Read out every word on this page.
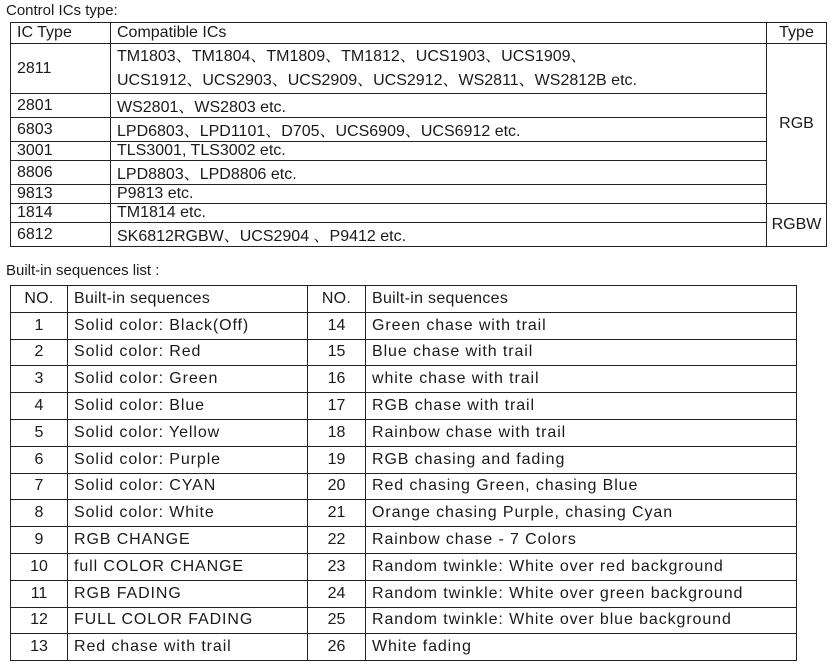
Control ICs type:
IC Type	Compatible ICs	Type
2811	TM1803、TM1804、TM1809、TM1812、UCS1903、UCS1909、
UCS1912、UCS2903、UCS2909、UCS2912、WS2811、WS2812B etc.	RGB
2801	WS2801、WS2803 etc.	
6803	LPD6803、LPD1101、D705、UCS6909、UCS6912 etc.	
3001	TLS3001, TLS3002 etc.	
8806	LPD8803、LPD8806 etc.	
9813	P9813 etc.	
1814	TM1814 etc.	RGBW
6812	SK6812RGBW、UCS2904 、P9412 etc.	
Built-in sequences list :
NO.	Built-in sequences	NO.	Built-in sequences
1	Solid color: Black(Off)	14	Green chase with trail
2	Solid color: Red	15	Blue chase with trail
3	Solid color: Green	16	white chase with trail
4	Solid color: Blue	17	RGB chase with trail
5	Solid color: Yellow	18	Rainbow chase with trail
6	Solid color: Purple	19	RGB chasing and fading
7	Solid color: CYAN	20	Red chasing Green, chasing Blue
8	Solid color: White	21	Orange chasing Purple, chasing Cyan
9	RGB CHANGE	22	Rainbow chase - 7 Colors
10	full COLOR CHANGE	23	Random twinkle: White over red background
11	RGB FADING	24	Random twinkle: White over green background
12	FULL COLOR FADING	25	Random twinkle: White over blue background
13	Red chase with trail	26	White fading
